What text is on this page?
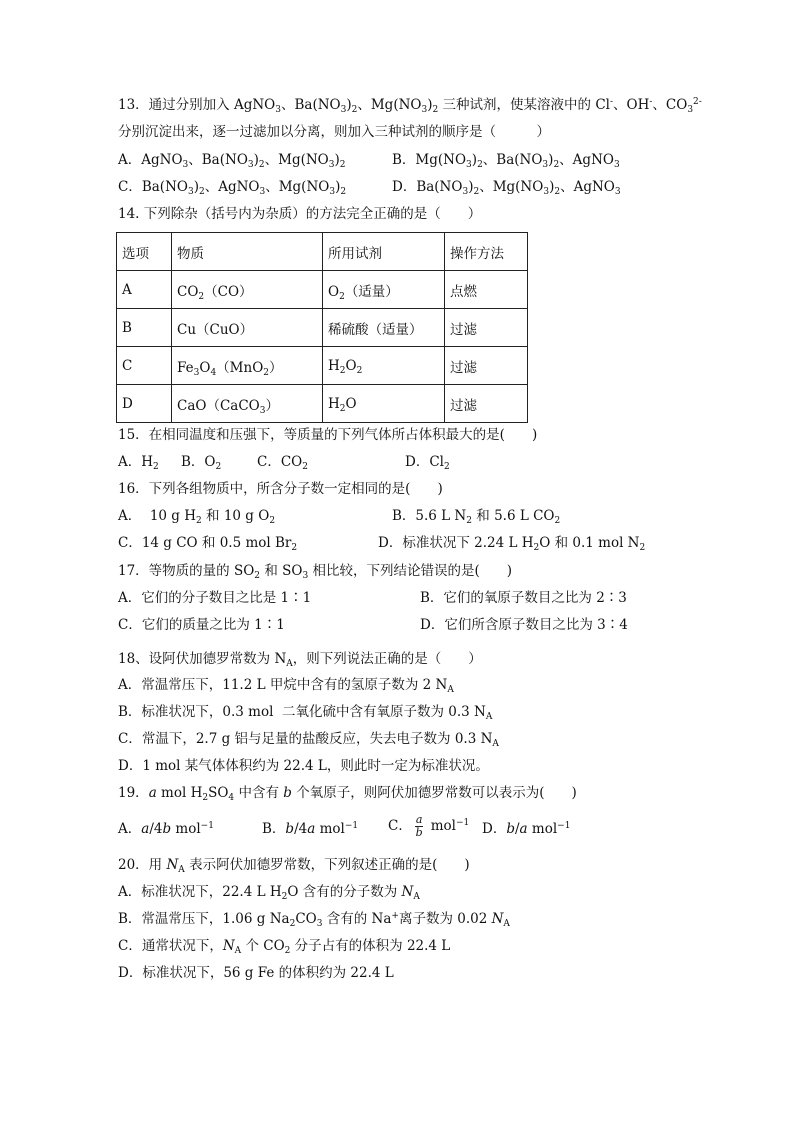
13．通过分别加入 AgNO$_3$、$Ba(NO_3)_2$、$Mg(NO_3)_2$ 三种试剂，使某溶液中的 Cl-、OH-、$CO_3^{2-}$
分别沉淀出来，逐一过滤加以分离，则加入三种试剂的顺序是（　　　）
A．AgNO$_3$、$Ba(NO_3)_2$、$Mg(NO_3)_2$	B．$Mg(NO_3)_2$、$Ba(NO_3)_2$、AgNO$_3$
C．$Ba(NO_3)_2$、AgNO$_3$、$Mg(NO_3)_2$	D．$Ba(NO_3)_2$、$Mg(NO_3)_2$、AgNO$_3$
14. 下列除杂（括号内为杂质）的方法完全正确的是（　　）
选项	物质	所用试剂	操作方法
A	$CO_2(CO)$	$O_2$（适量）	点燃
B	Cu（CuO）	稀硫酸（适量）	过滤
C	$Fe_3O_4(MnO_2)$	$H_2O_2$	过滤
D	CaO（CaCO$_3$）	$H_2O$	过滤
15．在相同温度和压强下，等质量的下列气体所占体积最大的是(　　)
A．$H_2$ B．$O_2$	C．$CO_2$	D．$Cl_2$
16．下列各组物质中，所含分子数一定相同的是(　　)
A．  10 g $H_2$ 和 10 g $O_2$	B．5.6 L $N_2$ 和 5.6 L $CO_2$
C．14 g CO 和 0.5 mol $Br_2$	D．标准状况下 2.24 L $H_2O$ 和 0.1 mol $N_2$
17．等物质的量的 $SO_2$ 和 $SO_3$ 相比较，下列结论错误的是(　　)
A．它们的分子数目之比是 1∶1	B．它们的氧原子数目之比为 2∶3
C．它们的质量之比为 1∶1	D．它们所含原子数目之比为 3∶4
18、设阿伏加德罗常数为 $N_A$，则下列说法正确的是（　　）
A．常温常压下，11.2 L 甲烷中含有的氢原子数为 2 $N_A$
B．标准状况下，0.3 mol  二氧化硫中含有氧原子数为 0.3 $N_A$
C．常温下，2.7 g 铝与足量的盐酸反应，失去电子数为 0.3 $N_A$
D．1 mol 某气体体积约为 22.4 L，则此时一定为标准状况。
19．a mol $H_2SO_4$ 中含有 b 个氧原子，则阿伏加德罗常数可以表示为(　　)
A．a/4b mol$^{-1}$	B．b/4a mol$^{-1}$ C． $\frac{a}{b} mol^{-1}$ D．b/a mol$^{-1}$
20．用 $N_A$ 表示阿伏加德罗常数，下列叙述正确的是(　　)
A．标准状况下，22.4 L $H_2O$ 含有的分子数为 $N_A$
B．常温常压下，1.06 g $Na_2CO_3$ 含有的 Na+离子数为 0.02 $N_A$
C．通常状况下，$N_A$ 个 $CO_2$ 分子占有的体积为 22.4 L
D．标准状况下，56 g Fe 的体积约为 22.4 L
